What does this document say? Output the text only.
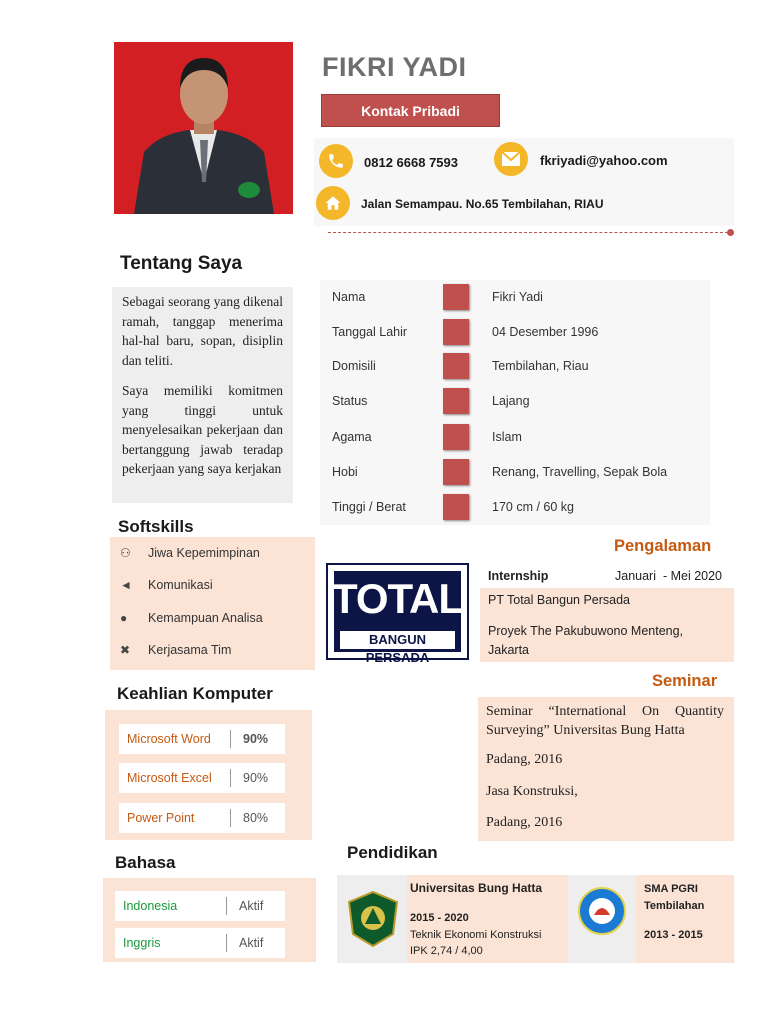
FIKRI YADI
Kontak Pribadi
0812 6668 7593	fkriyadi@yahoo.com
Jalan Semampau. No.65 Tembilahan, RIAU
Tentang Saya

Sebagai seorang yang dikenal ramah, tanggap menerima hal-hal baru, sopan, disiplin dan teliti.

Saya memiliki komitmen yang tinggi untuk menyelesaikan pekerjaan dan bertanggung jawab teradap pekerjaan yang saya kerjakan

Nama	Fikri Yadi
Tanggal Lahir	04 Desember 1996
Domisili	Tembilahan, Riau
Status	Lajang
Agama	Islam
Hobi	Renang, Travelling, Sepak Bola
Tinggi / Berat	170 cm / 60 kg
Softskills
⚇ Jiwa Kepemimpinan
◄ Komunikasi
● Kemampuan Analisa
✖ Kerjasama Tim
Keahlian Komputer
Microsoft Word	90%
Microsoft Excel	90%
Power Point	80%
Bahasa
Indonesia	Aktif
Inggris	Aktif
Pengalaman
TOTAL
BANGUN PERSADA
Internship	Januari  - Mei 2020
PT Total Bangun Persada
Proyek The Pakubuwono Menteng, Jakarta
Seminar
Seminar “International On Quantity Surveying” Universitas Bung Hatta
Padang, 2016
Jasa Konstruksi,
Padang, 2016
Pendidikan
Universitas Bung Hatta
2015 - 2020
Teknik Ekonomi Konstruksi
IPK 2,74 / 4,00
SMA PGRI Tembilahan
2013 - 2015
